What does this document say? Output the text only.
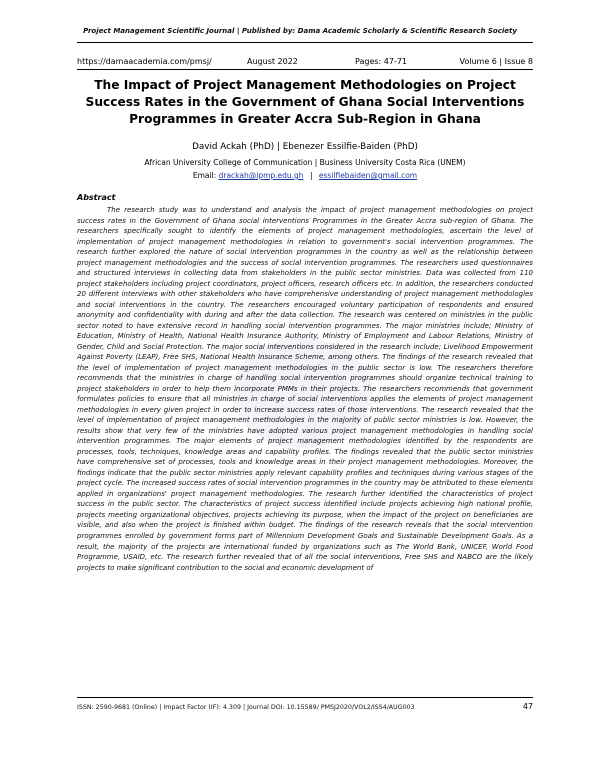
Project Management Scientific Journal | Published by: Dama Academic Scholarly & Scientific Research Society
https://damaacademia.com/pmsj/	August 2022	Pages: 47-71	Volume 6 | Issue 8
The Impact of Project Management Methodologies on Project Success Rates in the Government of Ghana Social Interventions Programmes in Greater Accra Sub-Region in Ghana
David Ackah (PhD) | Ebenezer Essilfie-Baiden (PhD)
African University College of Communication | Business University Costa Rica (UNEM)
Email: drackah@ipmp.edu.gh | essilfiebaiden@gmail.com
Abstract

The research study was to understand and analysis the impact of project management methodologies on project success rates in the Government of Ghana social interventions Programmes in the Greater Accra sub-region of Ghana. The researchers specifically sought to identify the elements of project management methodologies, ascertain the level of implementation of project management methodologies in relation to government's social intervention programmes. The research further explored the nature of social intervention programmes in the country as well as the relationship between project management methodologies and the success of social intervention programmes. The researchers used questionnaires and structured interviews in collecting data from stakeholders in the public sector ministries. Data was collected from 110 project stakeholders including project coordinators, project officers, research officers etc. In addition, the researchers conducted 20 different interviews with other stakeholders who have comprehensive understanding of project management methodologies and social interventions in the country. The researchers encouraged voluntary participation of respondents and ensured anonymity and confidentiality with during and after the data collection. The research was centered on ministries in the public sector noted to have extensive record in handling social intervention programmes. The major ministries include; Ministry of Education, Ministry of Health, National Health Insurance Authority, Ministry of Employment and Labour Relations, Ministry of Gender, Child and Social Protection. The major social interventions considered in the research include; Livelihood Empowerment Against Poverty (LEAP), Free SHS, National Health Insurance Scheme, among others. The findings of the research revealed that the level of implementation of project management methodologies in the public sector is low. The researchers therefore recommends that the ministries in charge of handling social intervention programmes should organize technical training to project stakeholders in order to help them incorporate PMMs in their projects. The researchers recommends that government formulates policies to ensure that all ministries in charge of social interventions applies the elements of project management methodologies in every given project in order to increase success rates of those interventions. The research revealed that the level of implementation of project management methodologies in the majority of public sector ministries is low. However, the results show that very few of the ministries have adopted various project management methodologies in handling social intervention programmes. The major elements of project management methodologies identified by the respondents are processes, tools, techniques, knowledge areas and capability profiles. The findings revealed that the public sector ministries have comprehensive set of processes, tools and knowledge areas in their project management methodologies. Moreover, the findings indicate that the public sector ministries apply relevant capability profiles and techniques during various stages of the project cycle. The increased success rates of social intervention programmes in the country may be attributed to these elements applied in organizations' project management methodologies. The research further identified the characteristics of project success in the public sector. The characteristics of project success identified include projects achieving high national profile, projects meeting organizational objectives, projects achieving its purpose, when the impact of the project on beneficiaries are visible, and also when the project is finished within budget. The findings of the research reveals that the social intervention programmes enrolled by government forms part of Millennium Development Goals and Sustainable Development Goals. As a result, the majority of the projects are international funded by organizations such as The World Bank, UNICEF, World Food Programme, USAID, etc. The research further revealed that of all the social interventions, Free SHS and NABCO are the likely projects to make significant contribution to the social and economic development of

ISSN: 2590-9681 (Online) | Impact Factor (IF): 4.309 | Journal DOI: 10.15589/ PMSJ2020/VOL2/ISS4/AUG003	47
